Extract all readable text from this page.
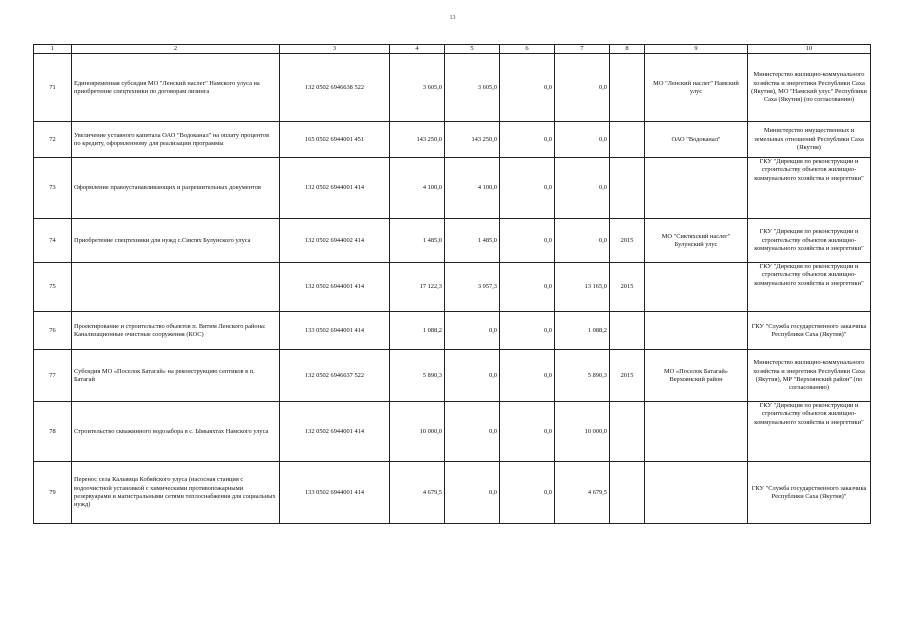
13
1	2	3	4	5	6	7	8	9	10
71	Единовременная субсидия МО "Ленский наслег" Намского улуса на приобретение спецтехники по договорам лизинга	132 0502 6946638 522	3 605,0	3 605,0	0,0	0,0		МО "Ленский наслег" Намский улус	Министерство жилищно-коммунального хозяйства и энергетики Республики Саха (Якутия), МО "Намский улус" Республики Саха (Якутия) (по согласованию)
72	Увеличение уставного капитала ОАО "Водоканал" на оплату процентов по кредиту, оформленному для реализации программы	165 0502 6944001 451	143 250,0	143 250,0	0,0	0,0		ОАО "Водоканал"	Министерство имущественных и земельных отношений Республики Саха (Якутия)
73	Оформление правоустанавливающих и разрешительных документов	132 0502 6944001 414	4 100,0	4 100,0	0,0	0,0			ГКУ "Дирекция по реконструкции и строительству объектов жилищно-коммунального хозяйства и энергетики"
74	Приобретение спецтехники для нужд с.Сиктях Булунского улуса	132 0502 6944002 414	1 485,0	1 485,0	0,0	0,0	2015	МО "Сиктяхский наслег" Булунский улус	ГКУ "Дирекция по реконструкции и строительству объектов жилищно-коммунального хозяйства и энергетики"
75		132 0502 6944001 414	17 122,3	3 957,3	0,0	13 165,0	2015		ГКУ "Дирекция по реконструкции и строительству объектов жилищно-коммунального хозяйства и энергетики"
76	Проектирование и строительство объектов п. Витим Ленского района: Канализационные очистные сооружения (КОС)	133 0502 6944001 414	1 088,2	0,0	0,0	1 088,2			ГКУ "Служба государственного заказчика Республики Саха (Якутия)"
77	Субсидия МО «Поселок Батагай» на реконструкцию септиков в п. Батагай	132 0502 6946637 522	5 890,3	0,0	0,0	5 890,3	2015	МО «Поселок Батагай» Верхоянский район	Министерство жилищно-коммунального хозяйства и энергетики Республики Саха (Якутия), МР "Верхоянский район" (по согласованию)
78	Строительство скважинного водозабора в с. Ымыяхтах Намского улуса	132 0502 6944001 414	10 000,0	0,0	0,0	10 000,0			ГКУ "Дирекция по реконструкции и строительству объектов жилищно-коммунального хозяйства и энергетики"
79	Перенос села Кальвица Кобяйского улуса (насосная станция с водоочистной установкой с химическими противопожарными резервуарами и магистральными сетями теплоснабжения для социальных нужд)	133 0502 6944001 414	4 679,5	0,0	0,0	4 679,5			ГКУ "Служба государственного заказчика Республики Саха (Якутия)"
